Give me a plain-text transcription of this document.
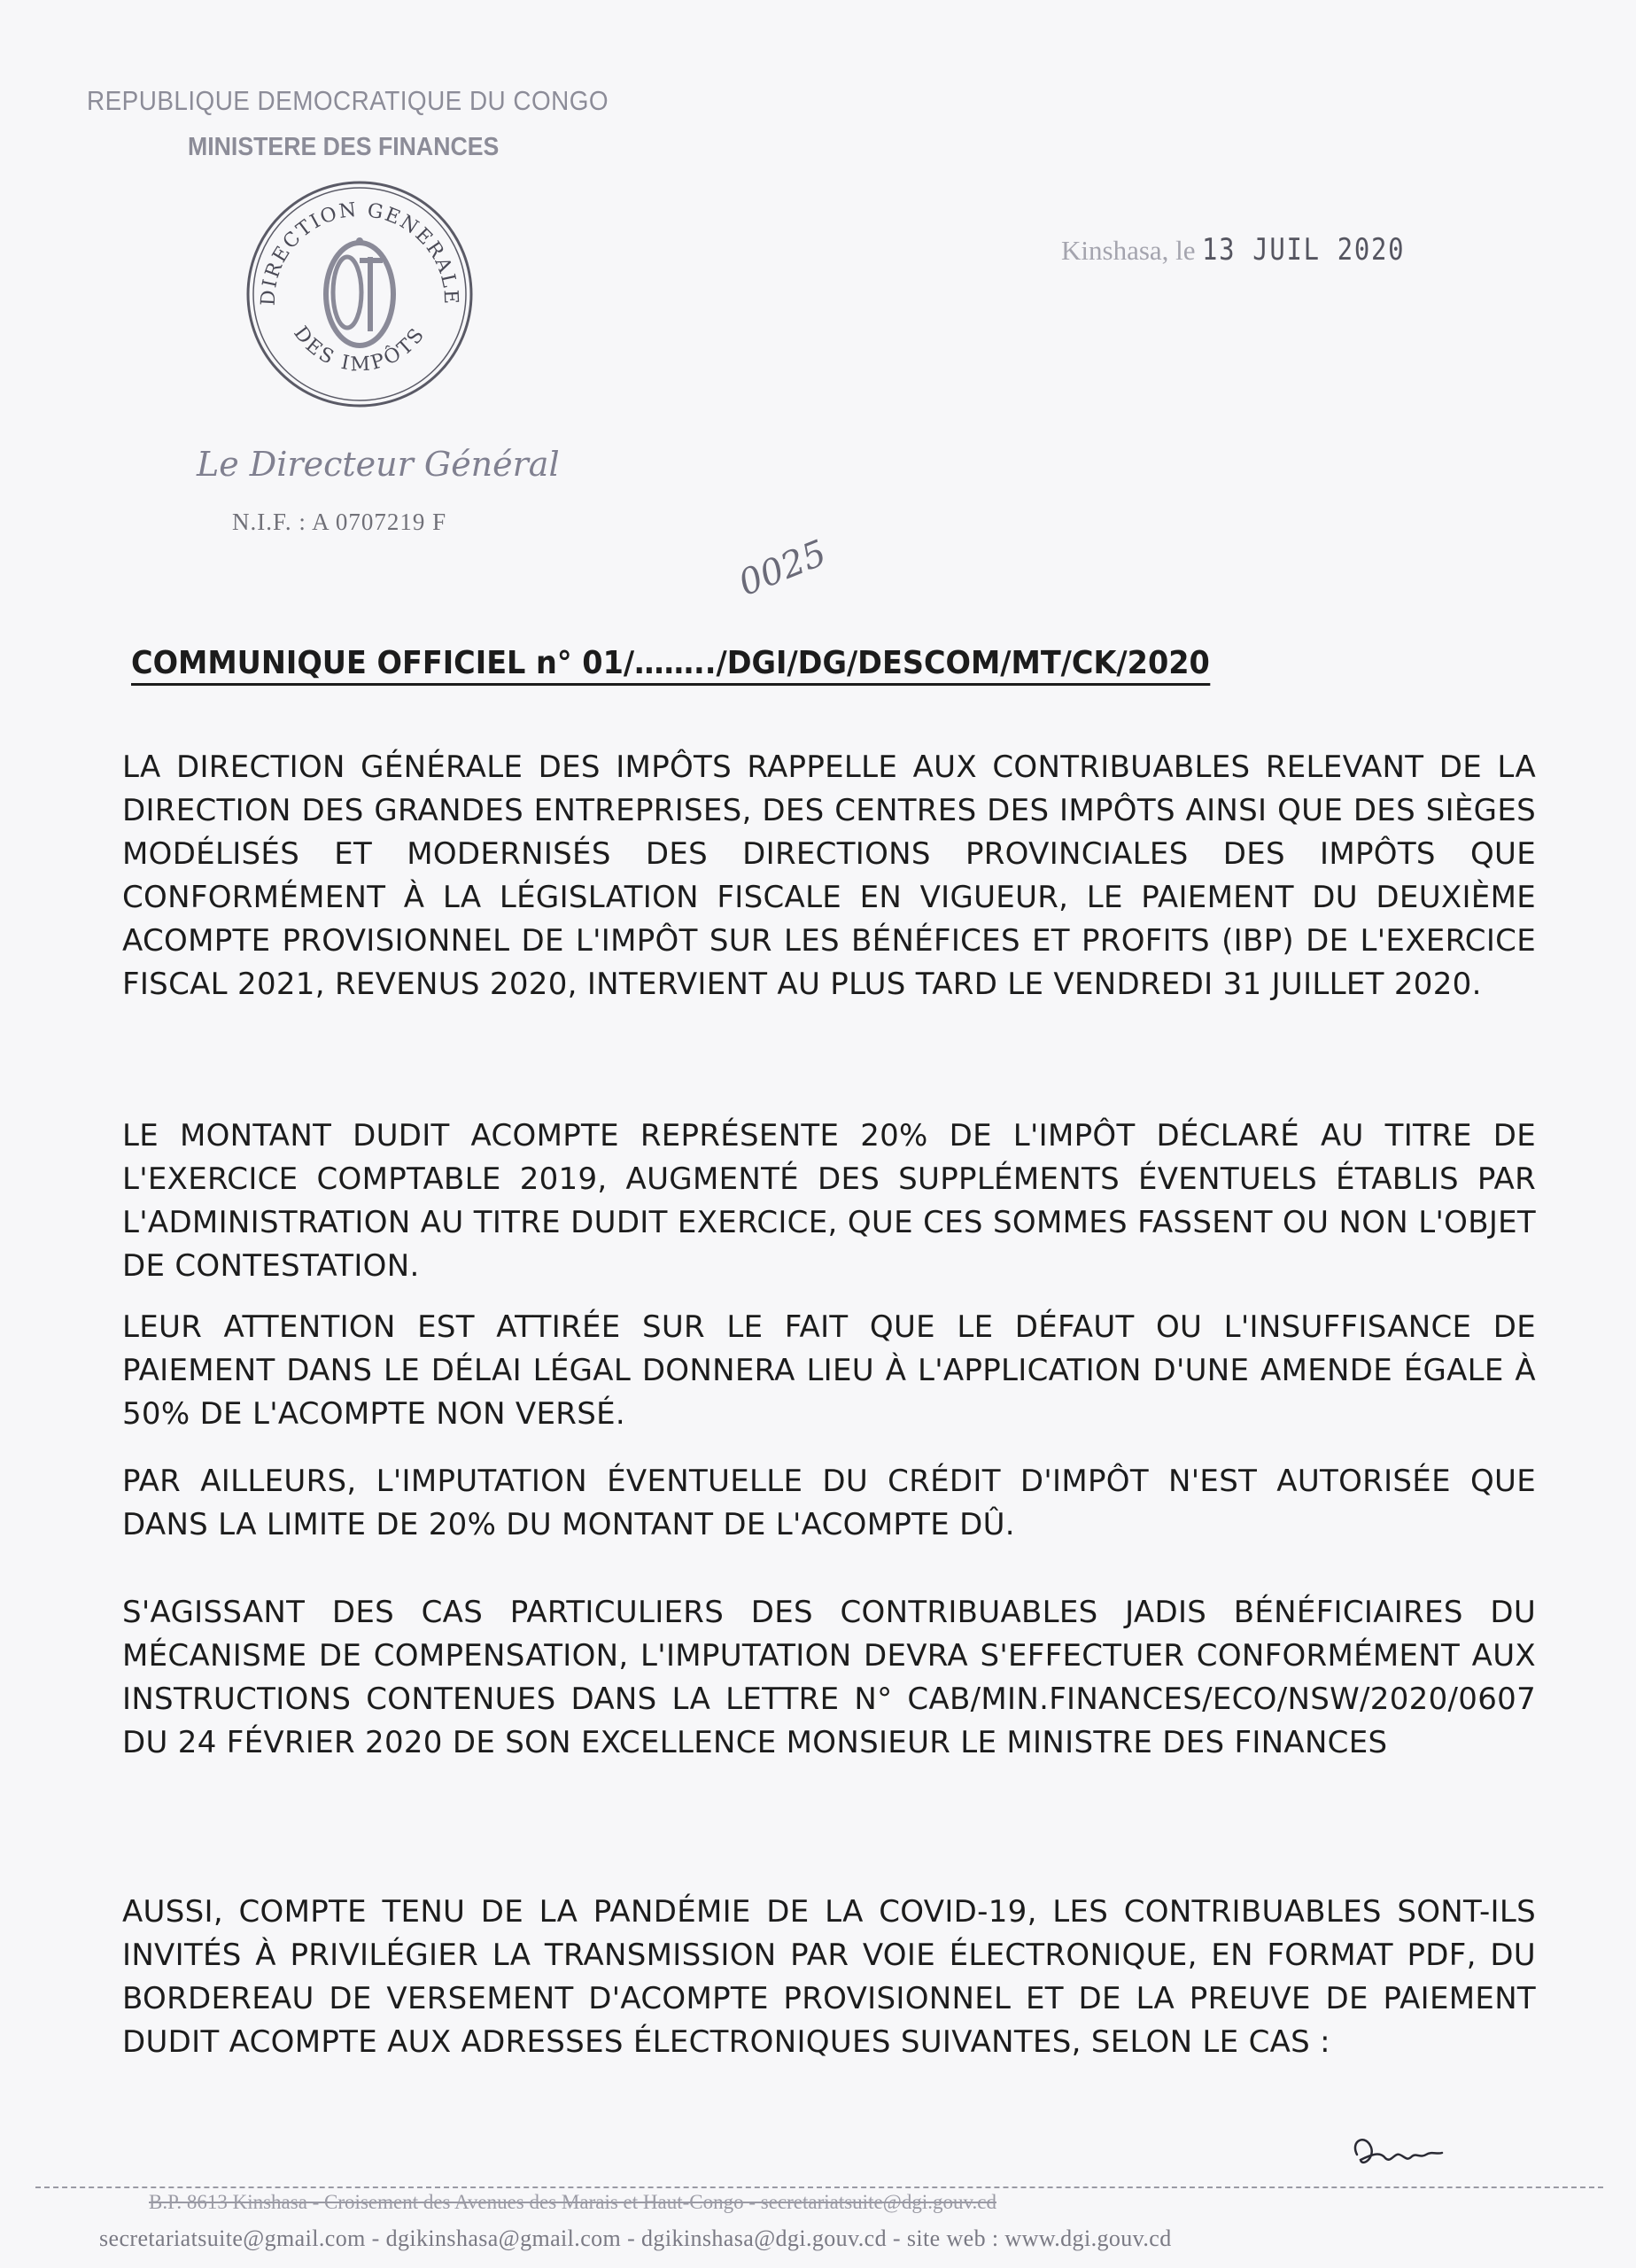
REPUBLIQUE DEMOCRATIQUE DU CONGO
MINISTERE DES FINANCES
DIRECTION GENERALE
DES IMPÔTS
Kinshasa, le 13 JUIL 2020
Le Directeur Général
N.I.F. : A 0707219 F
0025
COMMUNIQUE OFFICIEL n° 01/……../DGI/DG/DESCOM/MT/CK/2020
LA DIRECTION GÉNÉRALE DES IMPÔTS RAPPELLE AUX CONTRIBUABLES RELEVANT DE LA DIRECTION DES GRANDES ENTREPRISES, DES CENTRES DES IMPÔTS AINSI QUE DES SIÈGES MODÉLISÉS ET MODERNISÉS DES DIRECTIONS PROVINCIALES DES IMPÔTS QUE CONFORMÉMENT À LA LÉGISLATION FISCALE EN VIGUEUR, LE PAIEMENT DU DEUXIÈME ACOMPTE PROVISIONNEL DE L'IMPÔT SUR LES BÉNÉFICES ET PROFITS (IBP) DE L'EXERCICE FISCAL 2021, REVENUS 2020, INTERVIENT AU PLUS TARD LE VENDREDI 31 JUILLET 2020.
LE MONTANT DUDIT ACOMPTE REPRÉSENTE 20% DE L'IMPÔT DÉCLARÉ AU TITRE DE L'EXERCICE COMPTABLE 2019, AUGMENTÉ DES SUPPLÉMENTS ÉVENTUELS ÉTABLIS PAR L'ADMINISTRATION AU TITRE DUDIT EXERCICE, QUE CES SOMMES FASSENT OU NON L'OBJET DE CONTESTATION.
LEUR ATTENTION EST ATTIRÉE SUR LE FAIT QUE LE DÉFAUT OU L'INSUFFISANCE DE PAIEMENT DANS LE DÉLAI LÉGAL DONNERA LIEU À L'APPLICATION D'UNE AMENDE ÉGALE À 50% DE L'ACOMPTE NON VERSÉ.
PAR AILLEURS, L'IMPUTATION ÉVENTUELLE DU CRÉDIT D'IMPÔT N'EST AUTORISÉE QUE DANS LA LIMITE DE 20% DU MONTANT DE L'ACOMPTE DÛ.
S'AGISSANT DES CAS PARTICULIERS DES CONTRIBUABLES JADIS BÉNÉFICIAIRES DU MÉCANISME DE COMPENSATION, L'IMPUTATION DEVRA S'EFFECTUER CONFORMÉMENT AUX INSTRUCTIONS CONTENUES DANS LA LETTRE N° CAB/MIN.FINANCES/ECO/NSW/2020/0607 DU 24 FÉVRIER 2020 DE SON EXCELLENCE MONSIEUR LE MINISTRE DES FINANCES
AUSSI, COMPTE TENU DE LA PANDÉMIE DE LA COVID-19, LES CONTRIBUABLES SONT-ILS INVITÉS À PRIVILÉGIER LA TRANSMISSION PAR VOIE ÉLECTRONIQUE, EN FORMAT PDF, DU BORDEREAU DE VERSEMENT D'ACOMPTE PROVISIONNEL ET DE LA PREUVE DE PAIEMENT DUDIT ACOMPTE AUX ADRESSES ÉLECTRONIQUES SUIVANTES, SELON LE CAS :
B.P. 8613 Kinshasa - Croisement des Avenues des Marais et Haut-Congo - secretariatsuite@dgi.gouv.cd
secretariatsuite@gmail.com - dgikinshasa@gmail.com - dgikinshasa@dgi.gouv.cd - site web : www.dgi.gouv.cd
